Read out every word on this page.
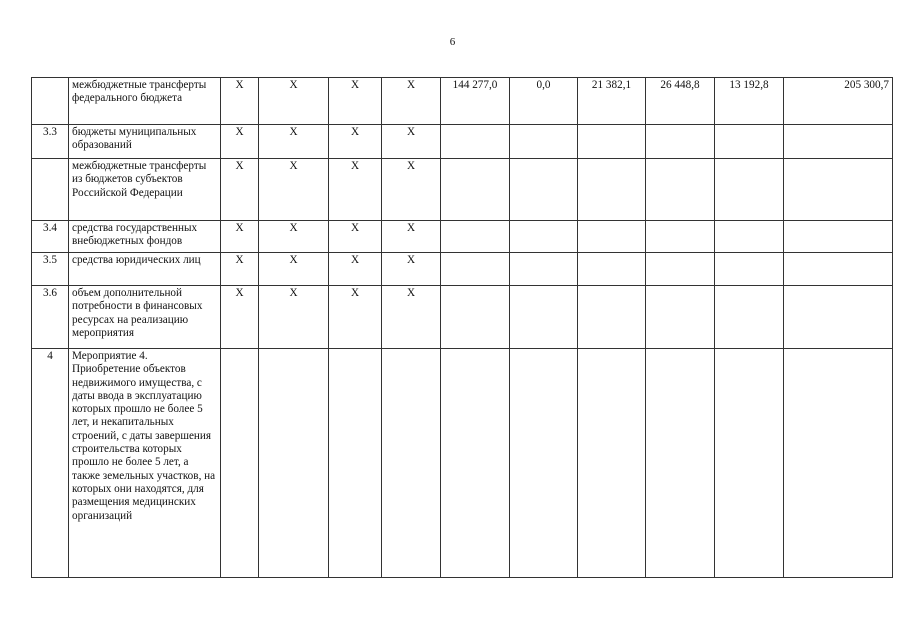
6
	межбюджетные трансферты федерального бюджета	X	X	X	X	144 277,0	0,0	21 382,1	26 448,8	13 192,8	205 300,7
3.3	бюджеты муниципальных образований	X	X	X	X						
	межбюджетные трансферты из бюджетов субъектов Российской Федерации	X	X	X	X						
3.4	средства государственных внебюджетных фондов	X	X	X	X						
3.5	средства юридических лиц	X	X	X	X						
3.6	объем дополнительной потребности в финансовых ресурсах на реализацию мероприятия	X	X	X	X						
4	Мероприятие 4. Приобретение объектов недвижимого имущества, с даты ввода в эксплуатацию которых прошло не более 5 лет, и некапитальных строений, с даты завершения строительства которых прошло не более 5 лет, а также земельных участков, на которых они находятся, для размещения медицинских организаций										
